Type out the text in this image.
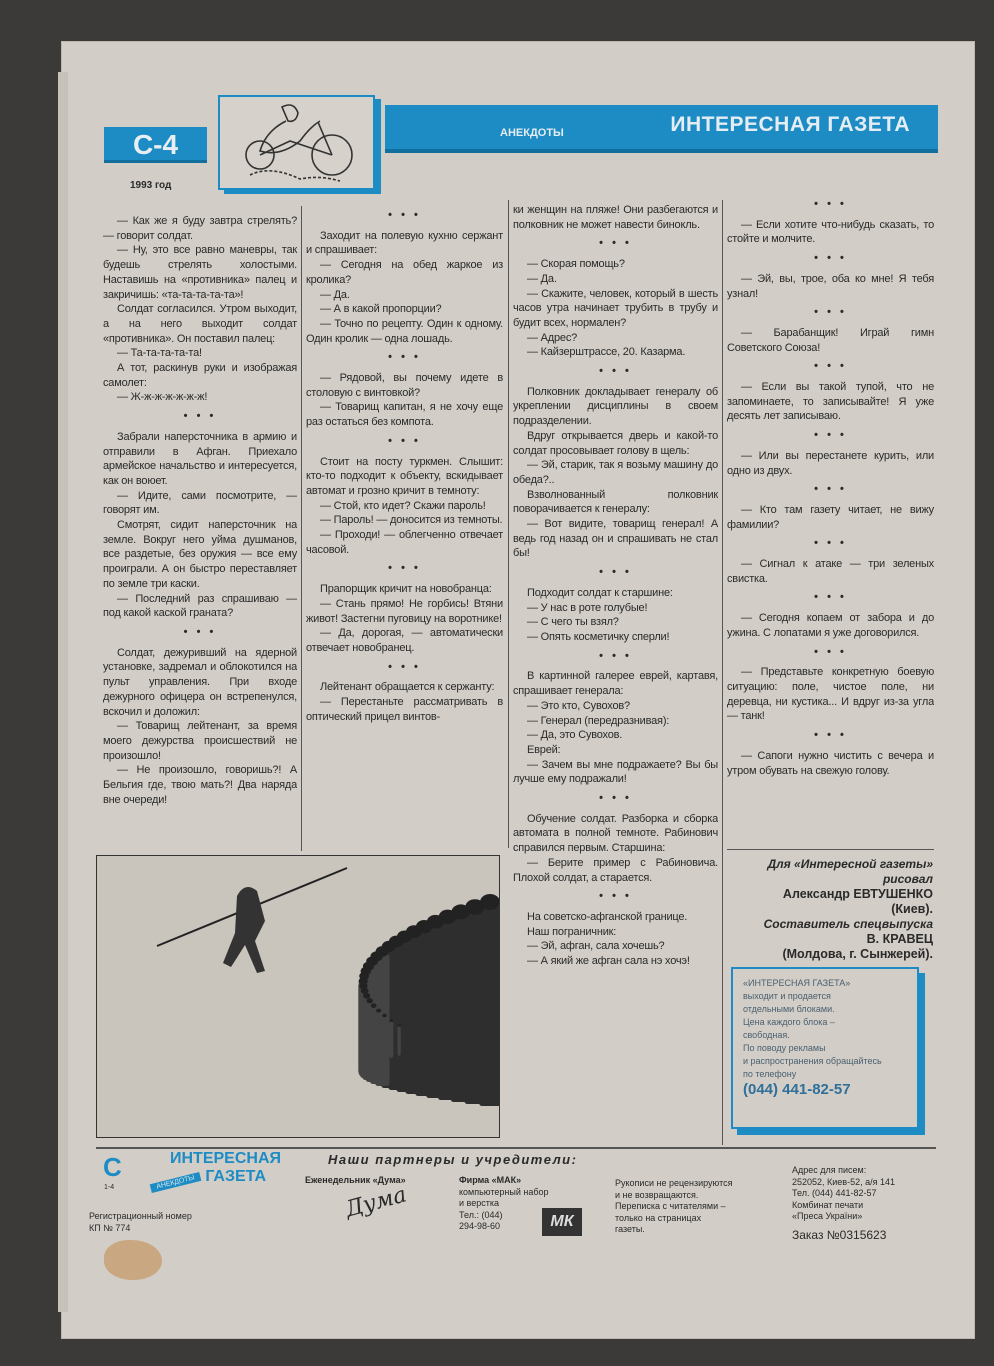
С-4
1993 год
АНЕКДОТЫ	ИНТЕРЕСНАЯ ГАЗЕТА

— Как же я буду завтра стрелять? — говорит солдат.

— Ну, это все равно маневры, так будешь стрелять холостыми. Наставишь на «противника» палец и закричишь: «та-та-та-та-та»!

Солдат согласился. Утром выходит, а на него выходит солдат «противника». Он поставил палец:

— Та-та-та-та-та!

А тот, раскинув руки и изображая самолет:

— Ж-ж-ж-ж-ж-ж-ж!

• • •

Забрали наперсточника в армию и отправили в Афган. Приехало армейское начальство и интересуется, как он воюет.

— Идите, сами посмотрите, — говорят им.

Смотрят, сидит наперсточник на земле. Вокруг него уйма душманов, все раздетые, без оружия — все ему проиграли. А он быстро переставляет по земле три каски.

— Последний раз спрашиваю — под какой каской граната?

• • •

Солдат, дежуривший на ядерной установке, задремал и облокотился на пульт управления. При входе дежурного офицера он встрепенулся, вскочил и доложил:

— Товарищ лейтенант, за время моего дежурства происшествий не произошло!

— Не произошло, говоришь?! А Бельгия где, твою мать?! Два наряда вне очереди!

• • •

Заходит на полевую кухню сержант и спрашивает:

— Сегодня на обед жаркое из кролика?

— Да.

— А в какой пропорции?

— Точно по рецепту. Один к одному. Один кролик — одна лошадь.

• • •

— Рядовой, вы почему идете в столовую с винтовкой?

— Товарищ капитан, я не хочу еще раз остаться без компота.

• • •

Стоит на посту туркмен. Слышит: кто-то подходит к объекту, вскидывает автомат и грозно кричит в темноту:

— Стой, кто идет? Скажи пароль!

— Пароль! — доносится из темноты.

— Проходи! — облегченно отвечает часовой.

• • •

Прапорщик кричит на новобранца:

— Стань прямо! Не горбись! Втяни живот! Застегни пуговицу на воротнике!

— Да, дорогая, — автоматически отвечает новобранец.

• • •

Лейтенант обращается к сержанту:

— Перестаньте рассматривать в оптический прицел винтов-

ки женщин на пляже! Они разбегаются и полковник не может навести бинокль.

• • •

— Скорая помощь?

— Да.

— Скажите, человек, который в шесть часов утра начинает трубить в трубу и будит всех, нормален?

— Адрес?

— Кайзерштрассе, 20. Казарма.

• • •

Полковник докладывает генералу об укреплении дисциплины в своем подразделении.

Вдруг открывается дверь и какой-то солдат просовывает голову в щель:

— Эй, старик, так я возьму машину до обеда?..

Взволнованный полковник поворачивается к генералу:

— Вот видите, товарищ генерал! А ведь год назад он и спрашивать не стал бы!

• • •

Подходит солдат к старшине:

— У нас в роте голубые!

— С чего ты взял?

— Опять косметичку сперли!

• • •

В картинной галерее еврей, картавя, спрашивает генерала:

— Это кто, Сувохов?

— Генерал (передразнивая):

— Да, это Сувохов.

Еврей:

— Зачем вы мне подражаете? Вы бы лучше ему подражали!

• • •

Обучение солдат. Разборка и сборка автомата в полной темноте. Рабинович справился первым. Старшина:

— Берите пример с Рабиновича. Плохой солдат, а старается.

• • •

На советско-афганской границе.

Наш пограничник:

— Эй, афган, сала хочешь?

— А який же афган сала нэ хочэ!

• • •

— Если хотите что-нибудь сказать, то стойте и молчите.

• • •

— Эй, вы, трое, оба ко мне! Я тебя узнал!

• • •

— Барабанщик! Играй гимн Советского Союза!

• • •

— Если вы такой тупой, что не запоминаете, то записывайте! Я уже десять лет записываю.

• • •

— Или вы перестанете курить, или одно из двух.

• • •

— Кто там газету читает, не вижу фамилии?

• • •

— Сигнал к атаке — три зеленых свистка.

• • •

— Сегодня копаем от забора и до ужина. С лопатами я уже договорился.

• • •

— Представьте конкретную боевую ситуацию: поле, чистое поле, ни деревца, ни кустика... И вдруг из-за угла — танк!

• • •

— Сапоги нужно чистить с вечера и утром обувать на свежую голову.

Для «Интересной газеты»
рисовал
Александр ЕВТУШЕНКО
(Киев).
Составитель спецвыпуска
В. КРАВЕЦ
(Молдова, г. Сынжерей).
«ИНТЕРЕСНАЯ ГАЗЕТА»
выходит и продается
отдельными блоками.
Цена каждого блока –
свободная.
По поводу рекламы
и распространения обращайтесь
по телефону
(044) 441-82-57
С
1-4
ИНТЕРЕСНАЯ
ГАЗЕТА
АНЕКДОТЫ
Регистрационный номер
КП № 774
Наши партнеры и учредители:
Еженедельник «Дума»
Дума
Фирма «МАК»
компьютерный набор
и верстка
Тел.: (044)
294-98-60	МК
Рукописи не рецензируются
и не возвращаются.
Переписка с читателями –
только на страницах
газеты.
Адрес для писем:
252052, Киев-52, а/я 141
Тел. (044) 441-82-57
Комбинат печати
«Преса України»
Заказ №0315623
